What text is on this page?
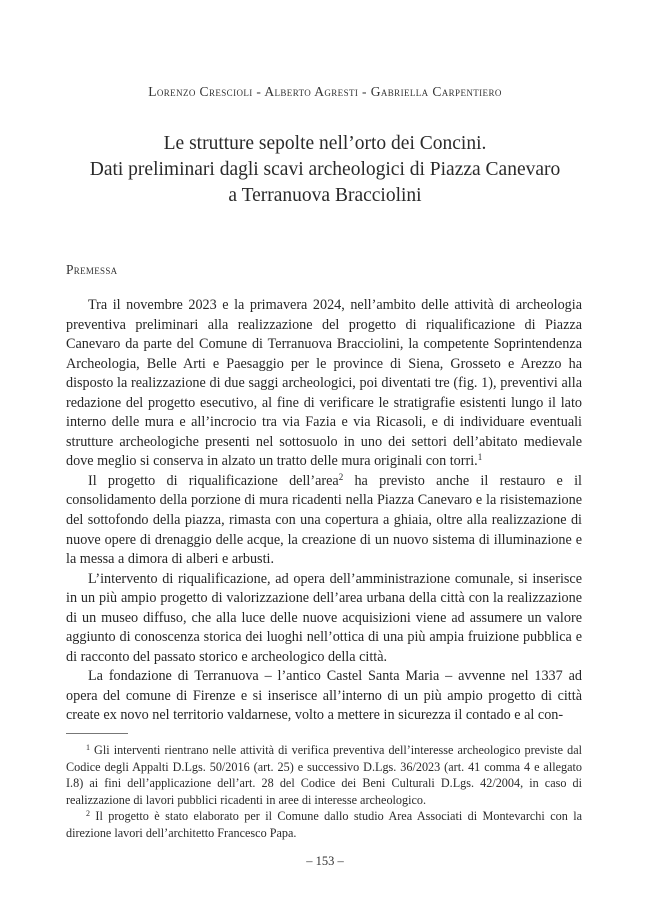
Lorenzo Crescioli - Alberto Agresti - Gabriella Carpentiero
Le strutture sepolte nell’orto dei Concini.
Dati preliminari dagli scavi archeologici di Piazza Canevaro
a Terranuova Bracciolini
Premessa

Tra il novembre 2023 e la primavera 2024, nell’ambito delle attività di archeologia preventiva preliminari alla realizzazione del progetto di riqualificazione di Piazza Canevaro da parte del Comune di Terranuova Bracciolini, la competente Soprintendenza Archeologia, Belle Arti e Paesaggio per le province di Siena, Grosseto e Arezzo ha disposto la realizzazione di due saggi archeologici, poi diventati tre (fig. 1), preventivi alla redazione del progetto esecutivo, al fine di verificare le stratigrafie esistenti lungo il lato interno delle mura e all’incrocio tra via Fazia e via Ricasoli, e di individuare eventuali strutture archeologiche presenti nel sottosuolo in uno dei settori dell’abitato medievale dove meglio si conserva in alzato un tratto delle mura originali con torri.$^1$

Il progetto di riqualificazione dell’area$^2$ ha previsto anche il restauro e il consolidamento della porzione di mura ricadenti nella Piazza Canevaro e la risistemazione del sottofondo della piazza, rimasta con una copertura a ghiaia, oltre alla realizzazione di nuove opere di drenaggio delle acque, la creazione di un nuovo sistema di illuminazione e la messa a dimora di alberi e arbusti.

L’intervento di riqualificazione, ad opera dell’amministrazione comunale, si inserisce in un più ampio progetto di valorizzazione dell’area urbana della città con la realizzazione di un museo diffuso, che alla luce delle nuove acquisizioni viene ad assumere un valore aggiunto di conoscenza storica dei luoghi nell’ottica di una più ampia fruizione pubblica e di racconto del passato storico e archeologico della città.

La fondazione di Terranuova – l’antico Castel Santa Maria – avvenne nel 1337 ad opera del comune di Firenze e si inserisce all’interno di un più ampio progetto di città create ex novo nel territorio valdarnese, volto a mettere in sicurezza il contado e al con-

$^1$ Gli interventi rientrano nelle attività di verifica preventiva dell’interesse archeologico previste dal Codice degli Appalti D.Lgs. 50/2016 (art. 25) e successivo D.Lgs. 36/2023 (art. 41 comma 4 e allegato I.8) ai fini dell’applicazione dell’art. 28 del Codice dei Beni Culturali D.Lgs. 42/2004, in caso di realizzazione di lavori pubblici ricadenti in aree di interesse archeologico.

$^2$ Il progetto è stato elaborato per il Comune dallo studio Area Associati di Montevarchi con la direzione lavori dell’architetto Francesco Papa.

– 153 –
